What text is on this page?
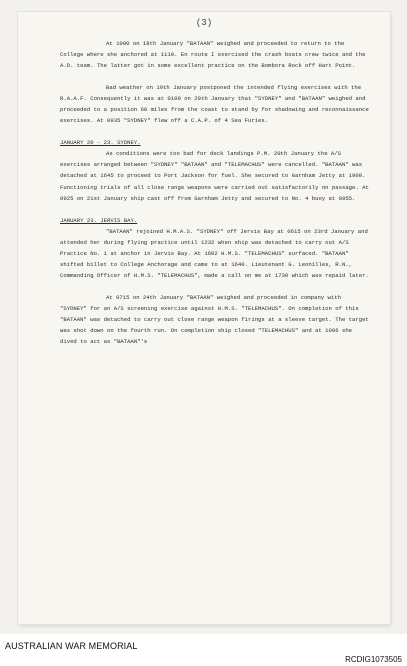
(3)

At 1000 on 18th January "BATAAN" weighed and proceeded to return to the College where she anchored at 1110. En route I exercised the crash boats crew twice and the A.D. team. The latter got in some excellent practice on the Bombora Rock off Hart Point.

Bad weather on 19th January postponed the intended flying exercises with the R.A.A.F. Consequently it was at 0100 on 20th January that "SYDNEY" and "BATAAN" weighed and proceeded to a position 60 miles from the coast to stand by for shadowing and reconnaissance exercises. At 0935 "SYDNEY" flew off a C.A.P. of 4 Sea Furies.

JANUARY 20 - 23. SYDNEY.

As conditions were too bad for deck landings P.M. 20th January the A/S exercises arranged between "SYDNEY" "BATAAN" and "TELEMACHUS" were cancelled. "BATAAN" was detached at 1645 to proceed to Port Jackson for fuel. She secured to Garnham Jetty at 1900. Functioning trials of all close range weapons were carried out satisfactorily on passage. At 0925 on 21st January ship cast off from Garnham Jetty and secured to No. 4 buoy at 0955.

JANUARY 23. JERVIS BAY.

"BATAAN" rejoined H.M.A.S. "SYDNEY" off Jervis Bay at 0615 on 23rd January and attended her during flying practice until 1232 when ship was detached to carry out A/S Practice No. 1 at anchor in Jervis Bay. At 1602 H.M.S. "TELEMACHUS" surfaced. "BATAAN" shifted billet to College Anchorage and came to at 1640. Lieutenant G. Leonilles, R.N., Commanding Officer of H.M.S. "TELEMACHUS", made a call on me at 1730 which was repaid later.

At 0715 on 24th January "BATAAN" weighed and proceeded in company with "SYDNEY" for an A/S screening exercise against H.M.S. "TELEMACHUS". On completion of this "BATAAN" was detached to carry out close range weapon firings at a sleeve target. The target was shot down on the fourth run. On completion ship closed "TELEMACHUS" and at 1006 she dived to act as "BATAAN"'s

AUSTRALIAN WAR MEMORIAL
RCDIG1073505
